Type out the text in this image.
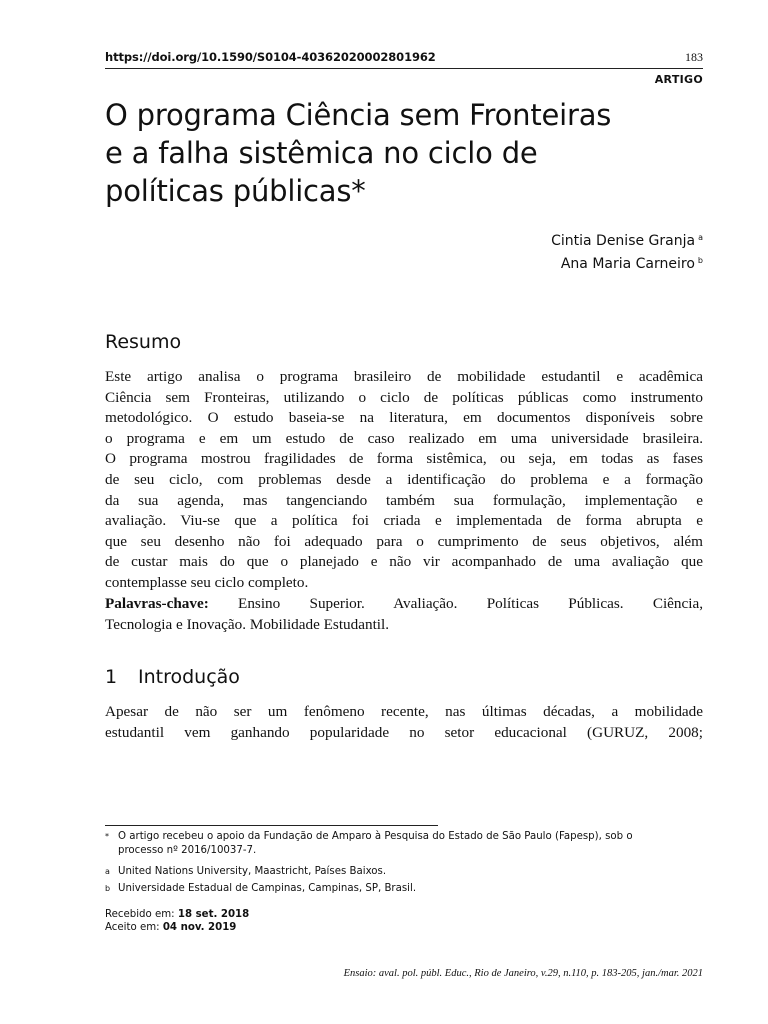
https://doi.org/10.1590/S0104-40362020002801962	183
ARTIGO
O programa Ciência sem Fronteiras
e a falha sistêmica no ciclo de
políticas públicas*
Cintia Denise Granja $^a$
Ana Maria Carneiro $^b$
Resumo
Este artigo analisa o programa brasileiro de mobilidade estudantil e acadêmica
Ciência sem Fronteiras, utilizando o ciclo de políticas públicas como instrumento
metodológico. O estudo baseia-se na literatura, em documentos disponíveis sobre
o programa e em um estudo de caso realizado em uma universidade brasileira.
O programa mostrou fragilidades de forma sistêmica, ou seja, em todas as fases
de seu ciclo, com problemas desde a identificação do problema e a formação
da sua agenda, mas tangenciando também sua formulação, implementação e
avaliação. Viu-se que a política foi criada e implementada de forma abrupta e
que seu desenho não foi adequado para o cumprimento de seus objetivos, além
de custar mais do que o planejado e não vir acompanhado de uma avaliação que
contemplasse seu ciclo completo.
Palavras-chave: Ensino Superior. Avaliação. Políticas Públicas. Ciência,
Tecnologia e Inovação. Mobilidade Estudantil.
1 Introdução
Apesar de não ser um fenômeno recente, nas últimas décadas, a mobilidade
estudantil vem ganhando popularidade no setor educacional (GURUZ, 2008;
* O artigo recebeu o apoio da Fundação de Amparo à Pesquisa do Estado de São Paulo (Fapesp), sob o
processo nº 2016/10037-7.
a United Nations University, Maastricht, Países Baixos.
b Universidade Estadual de Campinas, Campinas, SP, Brasil.
Recebido em: 18 set. 2018
Aceito em: 04 nov. 2019
Ensaio: aval. pol. públ. Educ., Rio de Janeiro, v.29, n.110, p. 183-205, jan./mar. 2021
